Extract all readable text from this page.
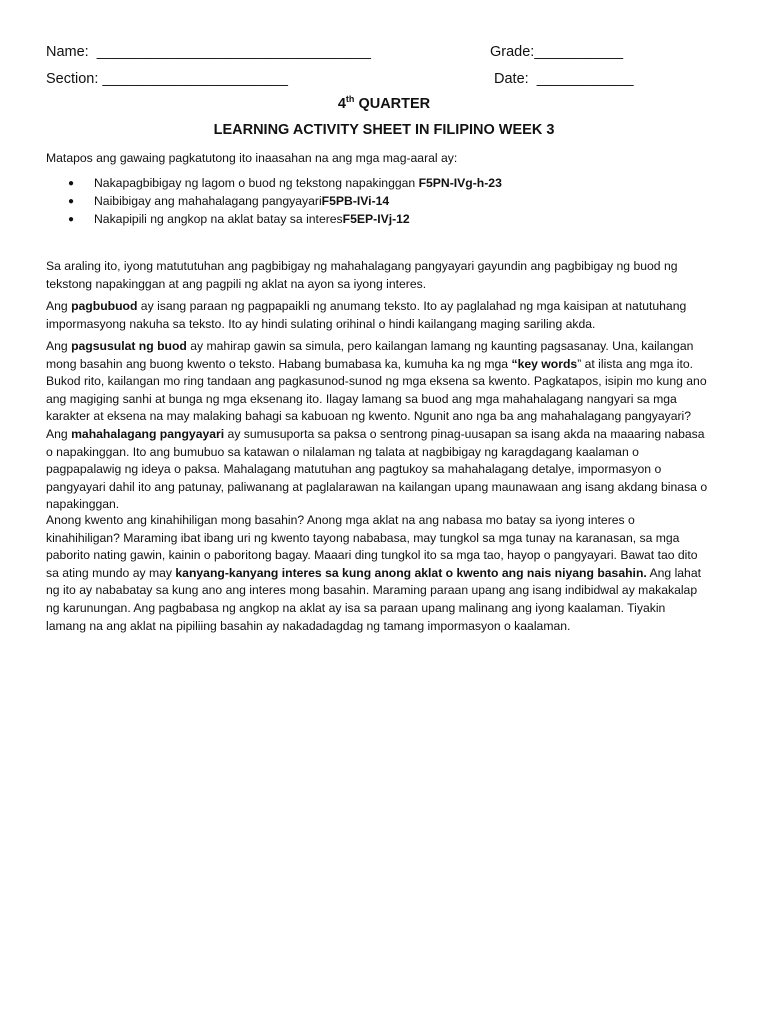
Name: __________________________________	Grade:___________
Section: _______________________	Date: ____________
4th QUARTER
LEARNING ACTIVITY SHEET IN FILIPINO WEEK 3
Matapos ang gawaing pagkatutong ito inaasahan na ang mga mag-aaral ay:
● Nakapagbibigay ng lagom o buod ng tekstong napakinggan F5PN-IVg-h-23
● Naibibigay ang mahahalagang pangyayariF5PB-IVi-14
● Nakapipili ng angkop na aklat batay sa interesF5EP-IVj-12
Sa araling ito, iyong matututuhan ang pagbibigay ng mahahalagang pangyayari gayundin ang pagbibigay ng buod ng tekstong napakinggan at ang pagpili ng aklat na ayon sa iyong interes.
Ang pagbubuod ay isang paraan ng pagpapaikli ng anumang teksto. Ito ay paglalahad ng mga kaisipan at natutuhang impormasyong nakuha sa teksto. Ito ay hindi sulating orihinal o hindi kailangang maging sariling akda.
Ang pagsusulat ng buod ay mahirap gawin sa simula, pero kailangan lamang ng kaunting pagsasanay. Una, kailangan mong basahin ang buong kwento o teksto. Habang bumabasa ka, kumuha ka ng mga “key words” at ilista ang mga ito. Bukod rito, kailangan mo ring tandaan ang pagkasunod-sunod ng mga eksena sa kwento. Pagkatapos, isipin mo kung ano ang magiging sanhi at bunga ng mga eksenang ito. Ilagay lamang sa buod ang mga mahahalagang nangyari sa mga karakter at eksena na may malaking bahagi sa kabuoan ng kwento. Ngunit ano nga ba ang mahahalagang pangyayari? Ang mahahalagang pangyayari ay sumusuporta sa paksa o sentrong pinag-uusapan sa isang akda na maaaring nabasa o napakinggan. Ito ang bumubuo sa katawan o nilalaman ng talata at nagbibigay ng karagdagang kaalaman o pagpapalawig ng ideya o paksa. Mahalagang matutuhan ang pagtukoy sa mahahalagang detalye, impormasyon o pangyayari dahil ito ang patunay, paliwanang at paglalarawan na kailangan upang maunawaan ang isang akdang binasa o napakinggan.
Anong kwento ang kinahihiligan mong basahin? Anong mga aklat na ang nabasa mo batay sa iyong interes o kinahihiligan? Maraming ibat ibang uri ng kwento tayong nababasa, may tungkol sa mga tunay na karanasan, sa mga paborito nating gawin, kainin o paboritong bagay. Maaari ding tungkol ito sa mga tao, hayop o pangyayari. Bawat tao dito sa ating mundo ay may kanyang-kanyang interes sa kung anong aklat o kwento ang nais niyang basahin. Ang lahat ng ito ay nababatay sa kung ano ang interes mong basahin. Maraming paraan upang ang isang indibidwal ay makakalap ng karunungan. Ang pagbabasa ng angkop na aklat ay isa sa paraan upang malinang ang iyong kaalaman. Tiyakin lamang na ang aklat na pipiliing basahin ay nakadadagdag ng tamang impormasyon o kaalaman.
